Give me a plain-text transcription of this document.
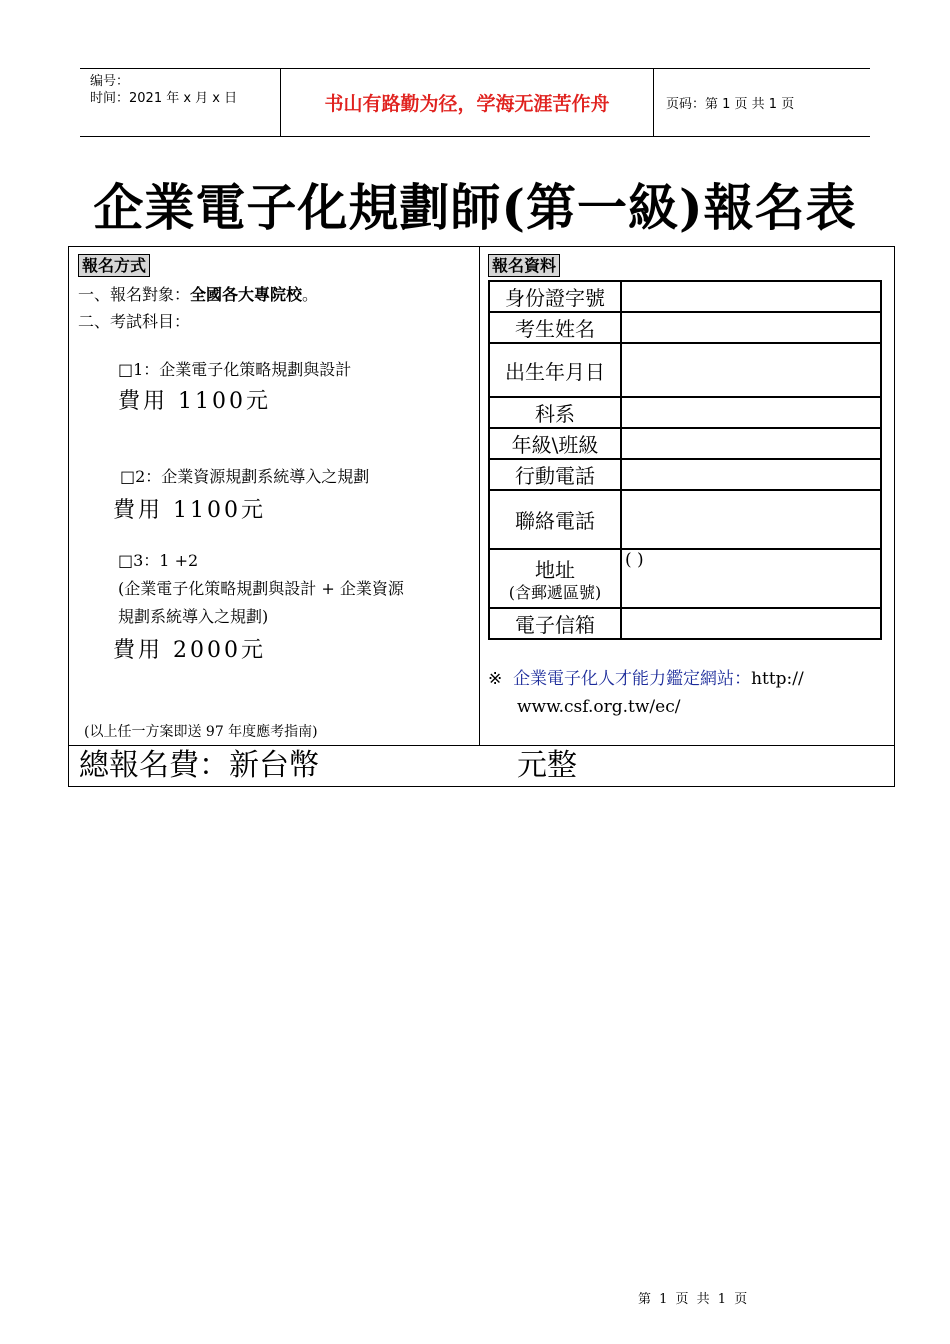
编号：
时间：2021 年 x 月 x 日	书山有路勤为径，学海无涯苦作舟	页码：第 1 页 共 1 页
企業電子化規劃師(第一級)報名表
報名方式
一、報名對象：全國各大專院校。
二、考試科目：
□1：企業電子化策略規劃與設計
費用 1100元
□2：企業資源規劃系統導入之規劃
費用 1100元
□3：1 +2
(企業電子化策略規劃與設計 + 企業資源
規劃系統導入之規劃)
費用 2000元
(以上任一方案即送 97 年度應考指南)
報名資料
身份證字號	
考生姓名	
出生年月日	
科系	
年級\班級	
行動電話	
聯絡電話	
地址
(含郵遞區號)	( )
電子信箱	
※ 企業電子化人才能力鑑定網站：http://
www.csf.org.tw/ec/
總報名費：新台幣	元整
第 1 页 共 1 页
